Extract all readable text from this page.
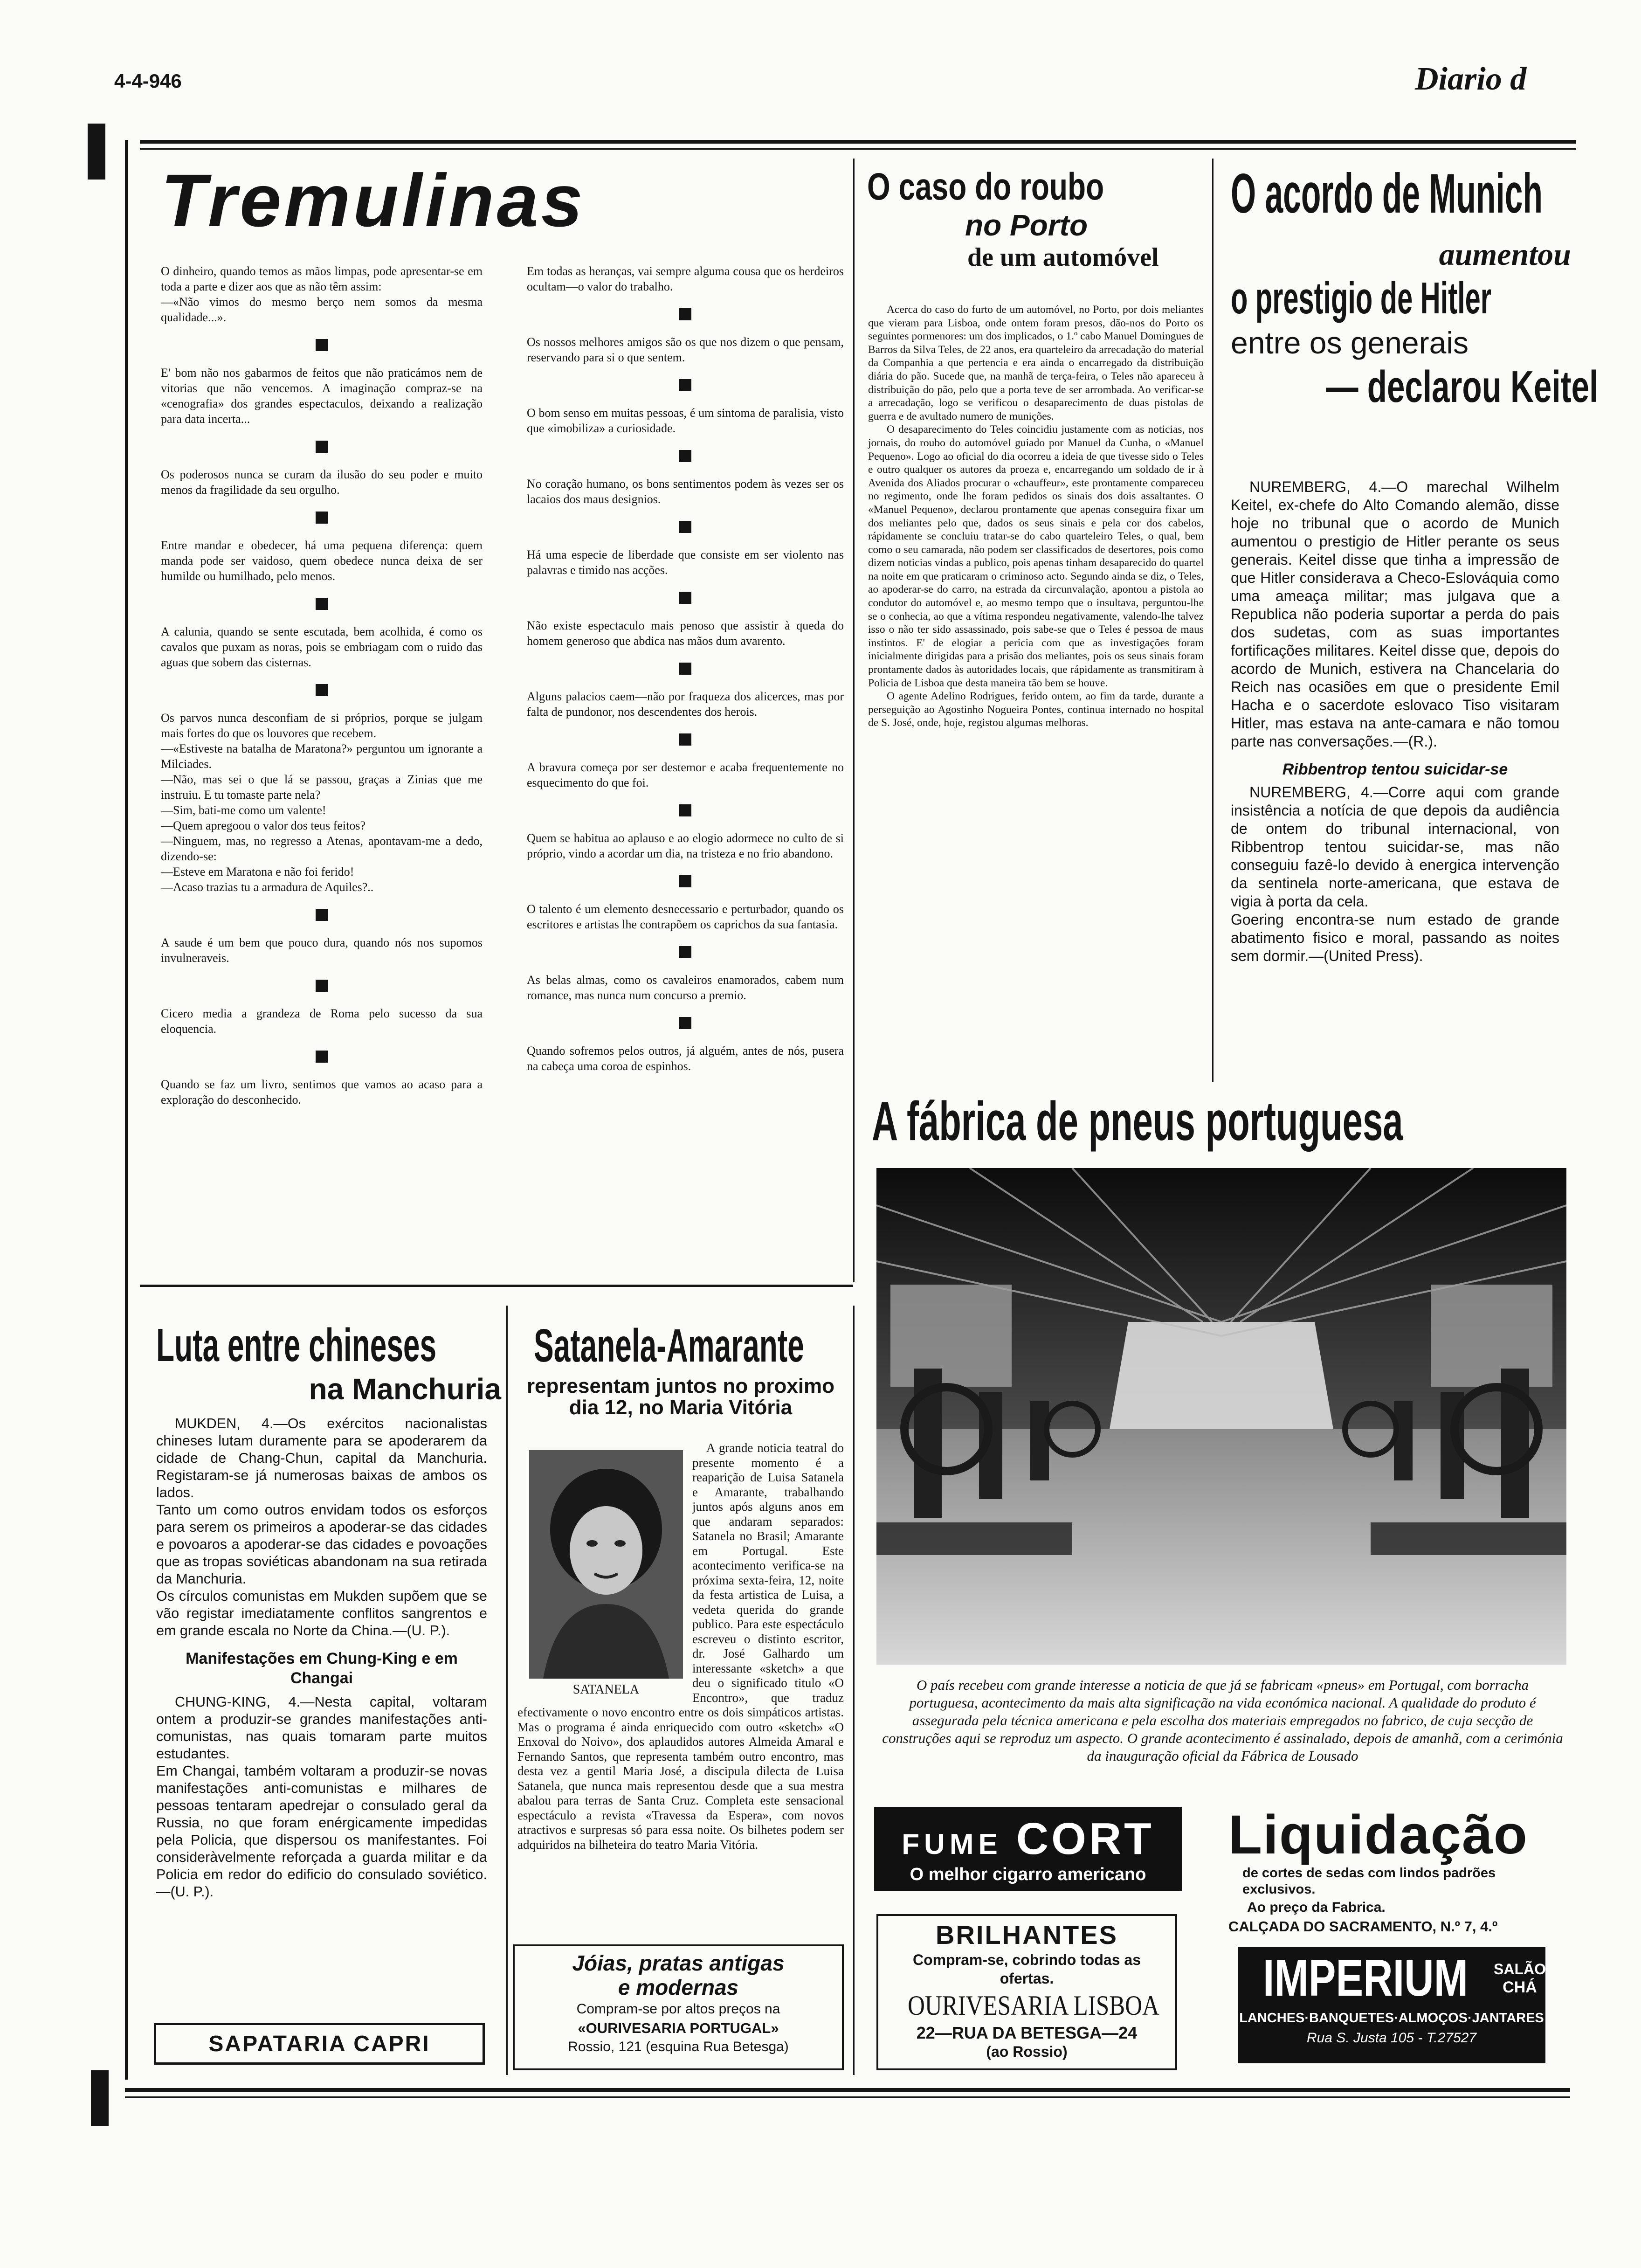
4-4-946	Diario d
Tremulinas

O dinheiro, quando temos as mãos limpas, pode apresentar-se em toda a parte e dizer aos que as não têm assim:

—«Não vimos do mesmo berço nem somos da mesma qualidade...».

E' bom não nos gabarmos de feitos que não praticámos nem de vitorias que não vencemos. A imaginação compraz-se na «cenografia» dos grandes espectaculos, deixando a realização para data incerta...

Os poderosos nunca se curam da ilusão do seu poder e muito menos da fragilidade da seu orgulho.

Entre mandar e obedecer, há uma pequena diferença: quem manda pode ser vaidoso, quem obedece nunca deixa de ser humilde ou humilhado, pelo menos.

A calunia, quando se sente escutada, bem acolhida, é como os cavalos que puxam as noras, pois se embriagam com o ruido das aguas que sobem das cisternas.

Os parvos nunca desconfiam de si próprios, porque se julgam mais fortes do que os louvores que recebem.
—«Estiveste na batalha de Maratona?» perguntou um ignorante a Milciades.
—Não, mas sei o que lá se passou, graças a Zinias que me instruiu. E tu tomaste parte nela?
—Sim, bati-me como um valente!
—Quem apregoou o valor dos teus feitos?
—Ninguem, mas, no regresso a Atenas, apontavam-me a dedo, dizendo-se:
—Esteve em Maratona e não foi ferido!
—Acaso trazias tu a armadura de Aquiles?..

A saude é um bem que pouco dura, quando nós nos supomos invulneraveis.

Cicero media a grandeza de Roma pelo sucesso da sua eloquencia.

Quando se faz um livro, sentimos que vamos ao acaso para a exploração do desconhecido.

Em todas as heranças, vai sempre alguma cousa que os herdeiros ocultam—o valor do trabalho.

Os nossos melhores amigos são os que nos dizem o que pensam, reservando para si o que sentem.

O bom senso em muitas pessoas, é um sintoma de paralisia, visto que «imobiliza» a curiosidade.

No coração humano, os bons sentimentos podem às vezes ser os lacaios dos maus designios.

Há uma especie de liberdade que consiste em ser violento nas palavras e timido nas acções.

Não existe espectaculo mais penoso que assistir à queda do homem generoso que abdica nas mãos dum avarento.

Alguns palacios caem—não por fraqueza dos alicerces, mas por falta de pundonor, nos descendentes dos herois.

A bravura começa por ser destemor e acaba frequentemente no esquecimento do que foi.

Quem se habitua ao aplauso e ao elogio adormece no culto de si próprio, vindo a acordar um dia, na tristeza e no frio abandono.

O talento é um elemento desnecessario e perturbador, quando os escritores e artistas lhe contrapõem os caprichos da sua fantasia.

As belas almas, como os cavaleiros enamorados, cabem num romance, mas nunca num concurso a premio.

Quando sofremos pelos outros, já alguém, antes de nós, pusera na cabeça uma coroa de espinhos.

O caso do roubo
no Porto
de um automóvel

Acerca do caso do furto de um automóvel, no Porto, por dois meliantes que vieram para Lisboa, onde ontem foram presos, dão-nos do Porto os seguintes pormenores: um dos implicados, o 1.º cabo Manuel Domingues de Barros da Silva Teles, de 22 anos, era quarteleiro da arrecadação do material da Companhia a que pertencia e era ainda o encarregado da distribuição diária do pão. Sucede que, na manhã de terça-feira, o Teles não apareceu à distribuição do pão, pelo que a porta teve de ser arrombada. Ao verificar-se a arrecadação, logo se verificou o desaparecimento de duas pistolas de guerra e de avultado numero de munições.

O desaparecimento do Teles coincidiu justamente com as noticias, nos jornais, do roubo do automóvel guiado por Manuel da Cunha, o «Manuel Pequeno». Logo ao oficial do dia ocorreu a ideia de que tivesse sido o Teles e outro qualquer os autores da proeza e, encarregando um soldado de ir à Avenida dos Aliados procurar o «chauffeur», este prontamente compareceu no regimento, onde lhe foram pedidos os sinais dos dois assaltantes. O «Manuel Pequeno», declarou prontamente que apenas conseguira fixar um dos meliantes pelo que, dados os seus sinais e pela cor dos cabelos, rápidamente se concluiu tratar-se do cabo quarteleiro Teles, o qual, bem como o seu camarada, não podem ser classificados de desertores, pois como dizem noticias vindas a publico, pois apenas tinham desaparecido do quartel na noite em que praticaram o criminoso acto. Segundo ainda se diz, o Teles, ao apoderar-se do carro, na estrada da circunvalação, apontou a pistola ao condutor do automóvel e, ao mesmo tempo que o insultava, perguntou-lhe se o conhecia, ao que a vítima respondeu negativamente, valendo-lhe talvez isso o não ter sido assassinado, pois sabe-se que o Teles é pessoa de maus instintos. E' de elogiar a pericia com que as investigações foram inicialmente dirigidas para a prisão dos meliantes, pois os seus sinais foram prontamente dados às autoridades locais, que rápidamente as transmitiram à Policia de Lisboa que desta maneira tão bem se houve.

O agente Adelino Rodrigues, ferido ontem, ao fim da tarde, durante a perseguição ao Agostinho Nogueira Pontes, continua internado no hospital de S. José, onde, hoje, registou algumas melhoras.

O acordo de Munich
aumentou
o prestigio de Hitler
entre os generais
— declarou Keitel

NUREMBERG, 4.—O marechal Wilhelm Keitel, ex-chefe do Alto Comando alemão, disse hoje no tribunal que o acordo de Munich aumentou o prestigio de Hitler perante os seus generais. Keitel disse que tinha a impressão de que Hitler considerava a Checo-Eslováquia como uma ameaça militar; mas julgava que a Republica não poderia suportar a perda do pais dos sudetas, com as suas importantes fortificações militares. Keitel disse que, depois do acordo de Munich, estivera na Chancelaria do Reich nas ocasiões em que o presidente Emil Hacha e o sacerdote eslovaco Tiso visitaram Hitler, mas estava na ante-camara e não tomou parte nas conversações.—(R.).

Ribbentrop tentou suicidar-se

NUREMBERG, 4.—Corre aqui com grande insistência a notícia de que depois da audiência de ontem do tribunal internacional, von Ribbentrop tentou suicidar-se, mas não conseguiu fazê-lo devido à energica intervenção da sentinela norte-americana, que estava de vigia à porta da cela.
Goering encontra-se num estado de grande abatimento fisico e moral, passando as noites sem dormir.—(United Press).

A fábrica de pneus portuguesa
O país recebeu com grande interesse a noticia de que já se fabricam «pneus» em Portugal, com borracha portuguesa, acontecimento da mais alta significação na vida económica nacional. A qualidade do produto é assegurada pela técnica americana e pela escolha dos materiais empregados no fabrico, de cuja secção de construções aqui se reproduz um aspecto. O grande acontecimento é assinalado, depois de amanhã, com a cerimónia da inauguração oficial da Fábrica de Lousado
Luta entre chineses
na Manchuria

MUKDEN, 4.—Os exércitos nacionalistas chineses lutam duramente para se apoderarem da cidade de Chang-Chun, capital da Manchuria. Registaram-se já numerosas baixas de ambos os lados.
Tanto um como outros envidam todos os esforços para serem os primeiros a apoderar-se das cidades e povoaros a apoderar-se das cidades e povoações que as tropas soviéticas abandonam na sua retirada da Manchuria.
Os círculos comunistas em Mukden supõem que se vão registar imediatamente conflitos sangrentos e em grande escala no Norte da China.—(U. P.).

Manifestações em Chung-King e em Changai

CHUNG-KING, 4.—Nesta capital, voltaram ontem a produzir-se grandes manifestações anti-comunistas, nas quais tomaram parte muitos estudantes.
Em Changai, também voltaram a produzir-se novas manifestações anti-comunistas e milhares de pessoas tentaram apedrejar o consulado geral da Russia, no que foram enérgicamente impedidas pela Policia, que dispersou os manifestantes. Foi consideràvelmente reforçada a guarda militar e da Policia em redor do edificio do consulado soviético.—(U. P.).

SAPATARIA CAPRI
Satanela-Amarante
representam juntos no proximo dia 12, no Maria Vitória
SATANELA

A grande noticia teatral do presente momento é a reaparição de Luisa Satanela e Amarante, trabalhando juntos após alguns anos em que andaram separados: Satanela no Brasil; Amarante em Portugal. Este acontecimento verifica-se na próxima sexta-feira, 12, noite da festa artistica de Luisa, a vedeta querida do grande publico. Para este espectáculo escreveu o distinto escritor, dr. José Galhardo um interessante «sketch» a que deu o significado titulo «O Encontro», que traduz efectivamente o novo encontro entre os dois simpáticos artistas. Mas o programa é ainda enriquecido com outro «sketch» «O Enxoval do Noivo», dos aplaudidos autores Almeida Amaral e Fernando Santos, que representa também outro encontro, mas desta vez a gentil Maria José, a discipula dilecta de Luisa Satanela, que nunca mais representou desde que a sua mestra abalou para terras de Santa Cruz. Completa este sensacional espectáculo a revista «Travessa da Espera», com novos atractivos e surpresas só para essa noite. Os bilhetes podem ser adquiridos na bilheteira do teatro Maria Vitória.

Jóias, pratas antigas
e modernas
Compram-se por altos preços na
«OURIVESARIA PORTUGAL»
Rossio, 121 (esquina Rua Betesga)
FUME CORT
O melhor cigarro americano
BRILHANTES
Compram-se, cobrindo todas as ofertas.
OURIVESARIA LISBOA
22—RUA DA BETESGA—24
(ao Rossio)
Liquidação
de cortes de sedas com lindos padrões exclusivos.
Ao preço da Fabrica.
CALÇADA DO SACRAMENTO, N.º 7, 4.º
IMPERIUM SALÃO
CHÁ
LANCHES·BANQUETES·ALMOÇOS·JANTARES
Rua S. Justa 105 - T.27527
